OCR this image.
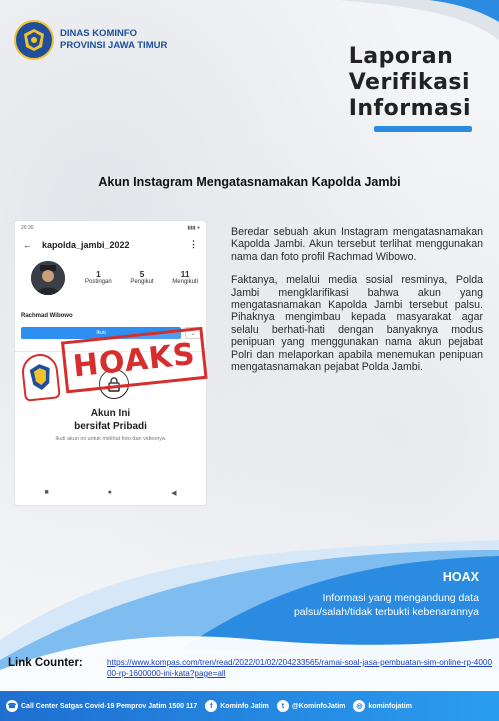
DINAS KOMINFO
PROVINSI JAWA TIMUR	Laporan
Verifikasi
Informasi
Akun Instagram Mengatasnamakan Kapolda Jambi
20:30	▮▮▮ ●
← kapolda_jambi_2022	⋮
1
Postingan
5
Pengikut
11
Mengikuti
Rachmad Wibowo
Ikuti	⌄
Akun Ini
bersifat Pribadi
Ikuti akun ini untuk melihat foto dan videonya.
■	●	◀
HOAKS

Beredar sebuah akun Instagram mengatasnamakan Kapolda Jambi. Akun tersebut terlihat menggunakan nama dan foto profil Rachmad Wibowo.

Faktanya, melalui media sosial resminya, Polda Jambi mengklarifikasi bahwa akun yang mengatasnamakan Kapolda Jambi tersebut palsu. Pihaknya mengimbau kepada masyarakat agar selalu berhati-hati dengan banyaknya modus penipuan yang menggunakan nama akun pejabat Polri dan melaporkan apabila menemukan penipuan mengatasnamakan pejabat Polda Jambi.

HOAX
Informasi yang mengandung data palsu/salah/tidak terbukti kebenarannya
Link Counter:	https://www.kompas.com/tren/read/2022/01/02/204233565/ramai-soal-jasa-pembuatan-sim-online-rp-400000-rp-1600000-ini-kata?page=all
☎ Call Center Satgas Covid-19 Pemprov Jatim 1500 117	f	Kominfo Jatim	t	@KominfoJatim	◎ kominfojatim
